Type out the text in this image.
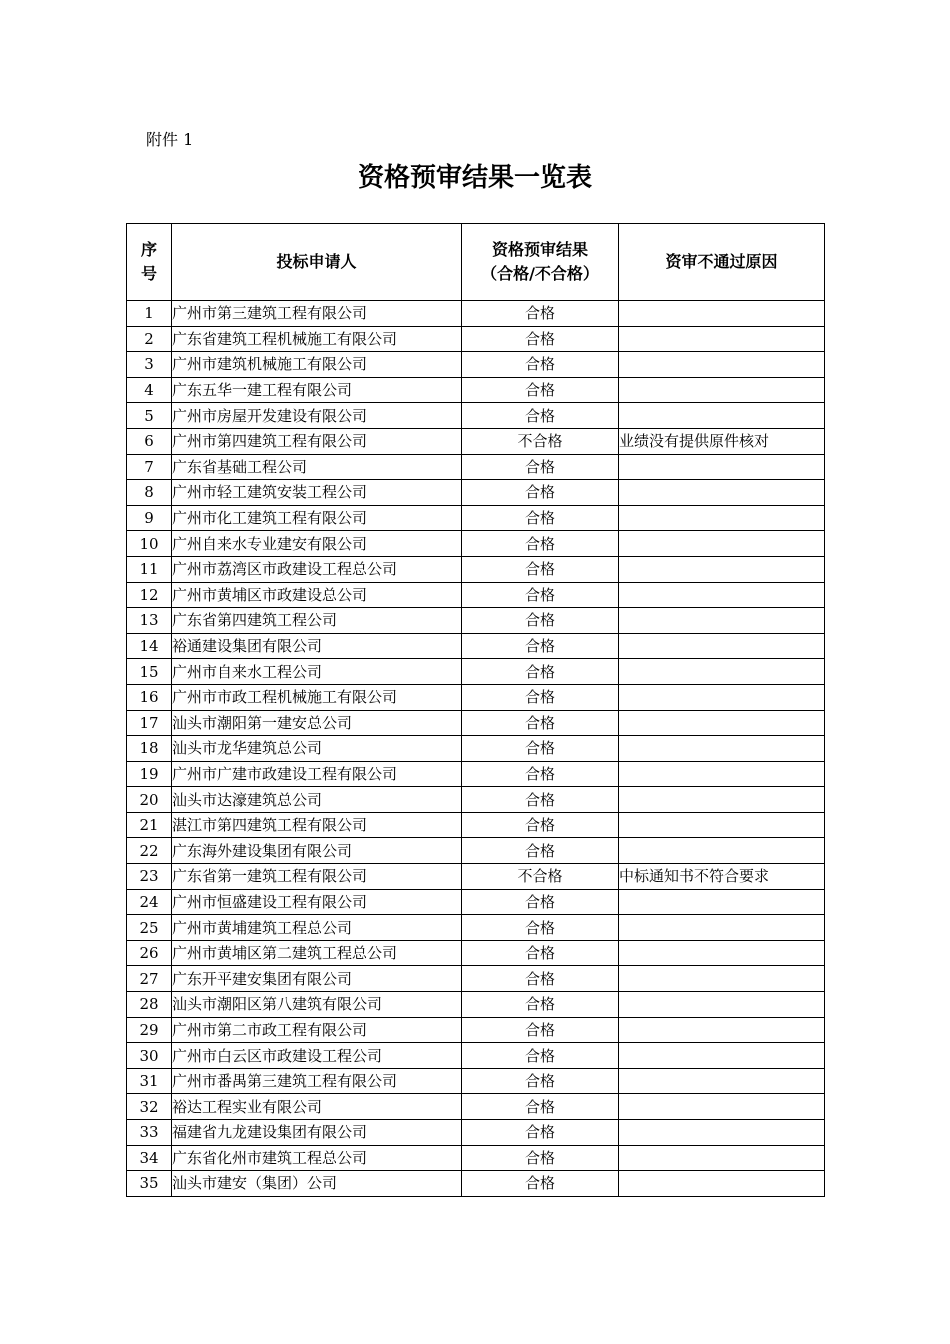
附件 1
资格预审结果一览表
序号	投标申请人	资格预审结果（合格/不合格）	资审不通过原因
1	广州市第三建筑工程有限公司	合格	
2	广东省建筑工程机械施工有限公司	合格	
3	广州市建筑机械施工有限公司	合格	
4	广东五华一建工程有限公司	合格	
5	广州市房屋开发建设有限公司	合格	
6	广州市第四建筑工程有限公司	不合格	业绩没有提供原件核对
7	广东省基础工程公司	合格	
8	广州市轻工建筑安装工程公司	合格	
9	广州市化工建筑工程有限公司	合格	
10	广州自来水专业建安有限公司	合格	
11	广州市荔湾区市政建设工程总公司	合格	
12	广州市黄埔区市政建设总公司	合格	
13	广东省第四建筑工程公司	合格	
14	裕通建设集团有限公司	合格	
15	广州市自来水工程公司	合格	
16	广州市市政工程机械施工有限公司	合格	
17	汕头市潮阳第一建安总公司	合格	
18	汕头市龙华建筑总公司	合格	
19	广州市广建市政建设工程有限公司	合格	
20	汕头市达濠建筑总公司	合格	
21	湛江市第四建筑工程有限公司	合格	
22	广东海外建设集团有限公司	合格	
23	广东省第一建筑工程有限公司	不合格	中标通知书不符合要求
24	广州市恒盛建设工程有限公司	合格	
25	广州市黄埔建筑工程总公司	合格	
26	广州市黄埔区第二建筑工程总公司	合格	
27	广东开平建安集团有限公司	合格	
28	汕头市潮阳区第八建筑有限公司	合格	
29	广州市第二市政工程有限公司	合格	
30	广州市白云区市政建设工程公司	合格	
31	广州市番禺第三建筑工程有限公司	合格	
32	裕达工程实业有限公司	合格	
33	福建省九龙建设集团有限公司	合格	
34	广东省化州市建筑工程总公司	合格	
35	汕头市建安（集团）公司	合格	
